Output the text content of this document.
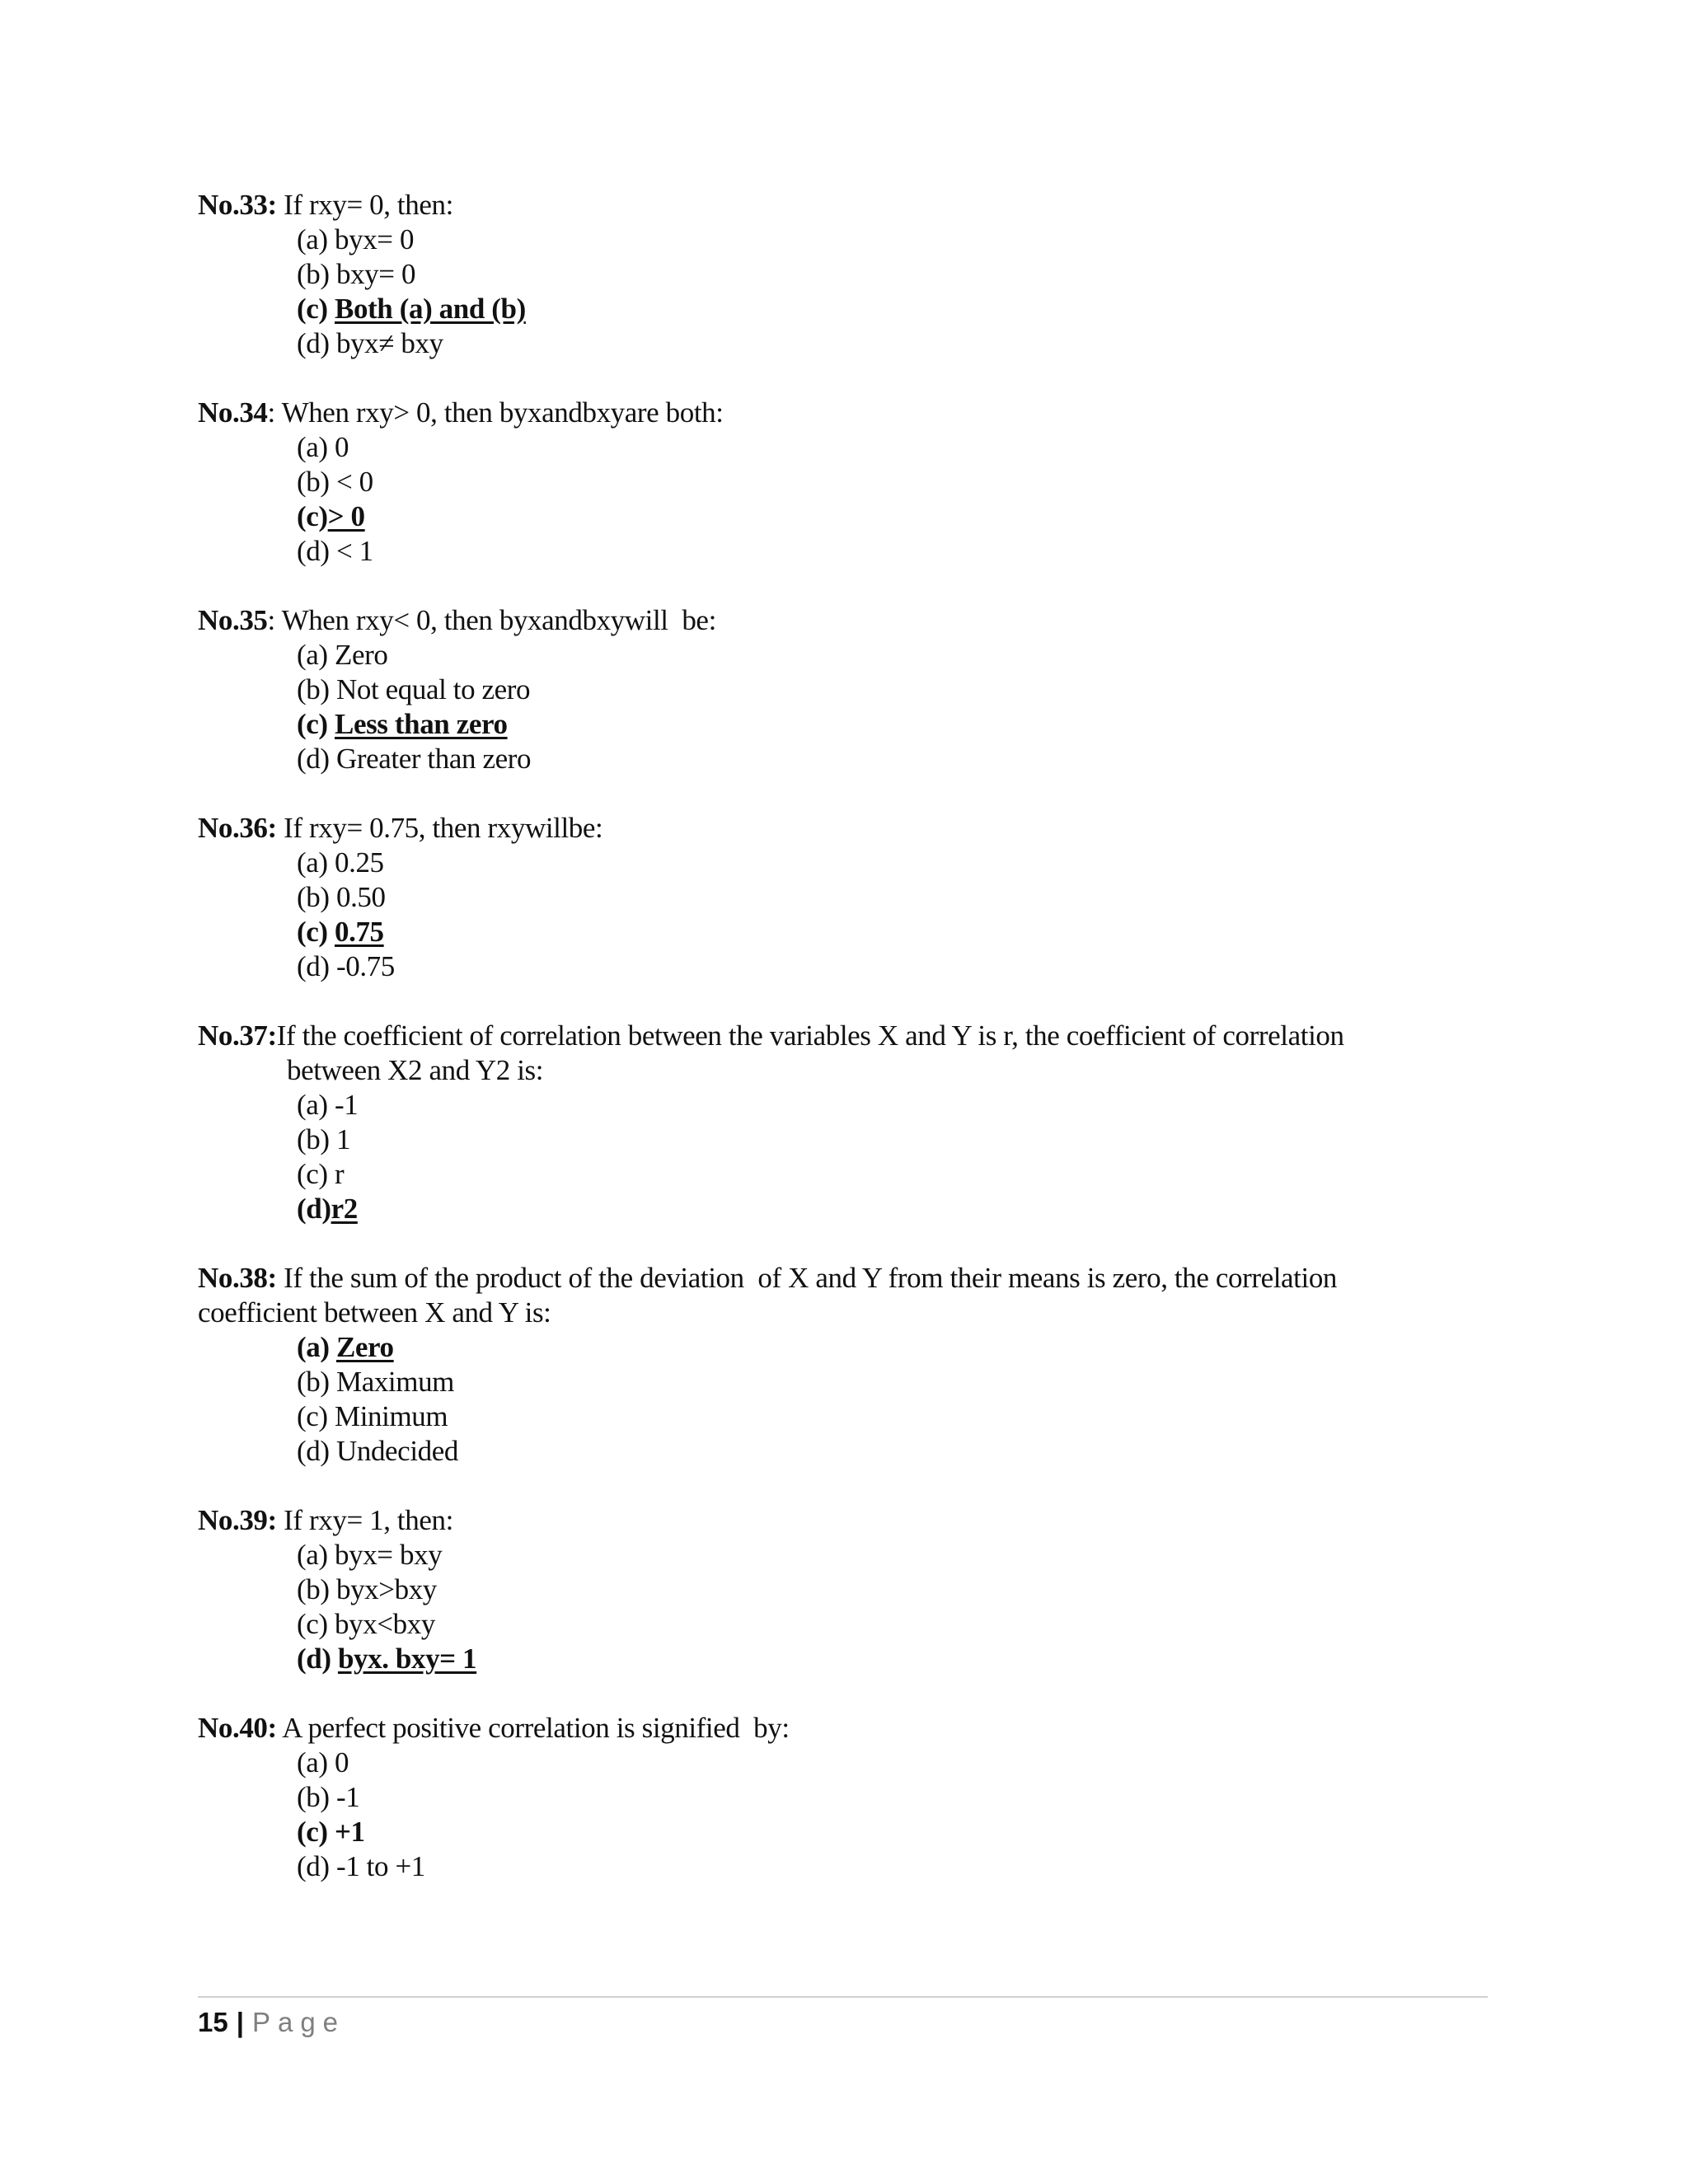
No.33: If rxy= 0, then:
(a) byx= 0
(b) bxy= 0
(c) Both (a) and (b)
(d) byx≠ bxy
No.34: When rxy> 0, then byxandbxyare both:
(a) 0
(b) < 0
(c)> 0
(d) < 1
No.35: When rxy< 0, then byxandbxywill  be:
(a) Zero
(b) Not equal to zero
(c) Less than zero
(d) Greater than zero
No.36: If rxy= 0.75, then rxywillbe:
(a) 0.25
(b) 0.50
(c) 0.75
(d) -0.75
No.37:If the coefficient of correlation between the variables X and Y is r, the coefficient of correlation
between X2 and Y2 is:
(a) -1
(b) 1
(c) r
(d)r2
No.38: If the sum of the product of the deviation  of X and Y from their means is zero, the correlation
coefficient between X and Y is:
(a) Zero
(b) Maximum
(c) Minimum
(d) Undecided
No.39: If rxy= 1, then:
(a) byx= bxy
(b) byx>bxy
(c) byx<bxy
(d) byx. bxy= 1
No.40: A perfect positive correlation is signified  by:
(a) 0
(b) -1
(c) +1
(d) -1 to +1
15 | Page
